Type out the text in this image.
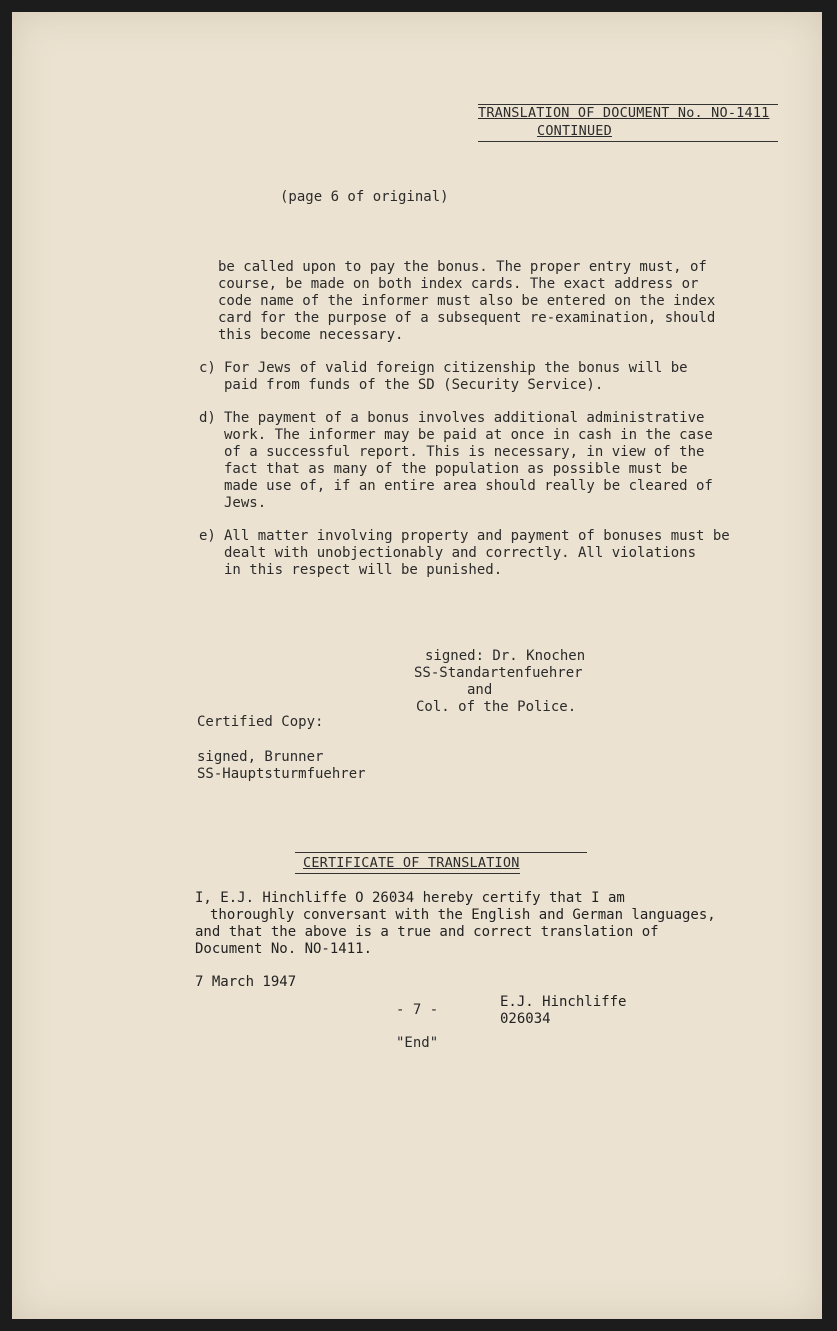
TRANSLATION OF DOCUMENT No. NO-1411
CONTINUED
(page 6 of original)
be called upon to pay the bonus. The proper entry must, of
course, be made on both index cards. The exact address or
code name of the informer must also be entered on the index
card for the purpose of a subsequent re-examination, should
this become necessary.
c) For Jews of valid foreign citizenship the bonus will be
paid from funds of the SD (Security Service).
d) The payment of a bonus involves additional administrative
work. The informer may be paid at once in cash in the case
of a successful report. This is necessary, in view of the
fact that as many of the population as possible must be
made use of, if an entire area should really be cleared of
Jews.
e) All matter involving property and payment of bonuses must be
dealt with unobjectionably and correctly. All violations
in this respect will be punished.
signed: Dr. Knochen
SS-Standartenfuehrer
and
Col. of the Police.
Certified Copy:
signed, Brunner
SS-Hauptsturmfuehrer
CERTIFICATE OF TRANSLATION
I, E.J. Hinchliffe O 26034 hereby certify that I am
thoroughly conversant with the English and German languages,
and that the above is a true and correct translation of
Document No. NO-1411.
7 March 1947
- 7 -	E.J. Hinchliffe
026034
"End"
